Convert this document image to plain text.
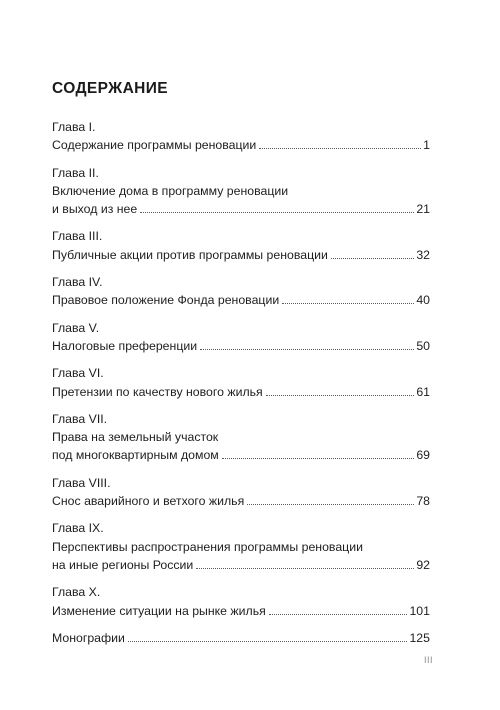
СОДЕРЖАНИЕ
Глава I.
Содержание программы реновации	1
Глава II.
Включение дома в программу реновации
и выход из нее	21
Глава III.
Публичные акции против программы реновации	32
Глава IV.
Правовое положение Фонда реновации	40
Глава V.
Налоговые преференции	50
Глава VI.
Претензии по качеству нового жилья	61
Глава VII.
Права на земельный участок
под многоквартирным домом	69
Глава VIII.
Снос аварийного и ветхого жилья	78
Глава IX.
Перспективы распространения программы реновации
на иные регионы России	92
Глава X.
Изменение ситуации на рынке жилья	101
Монографии	125
III
